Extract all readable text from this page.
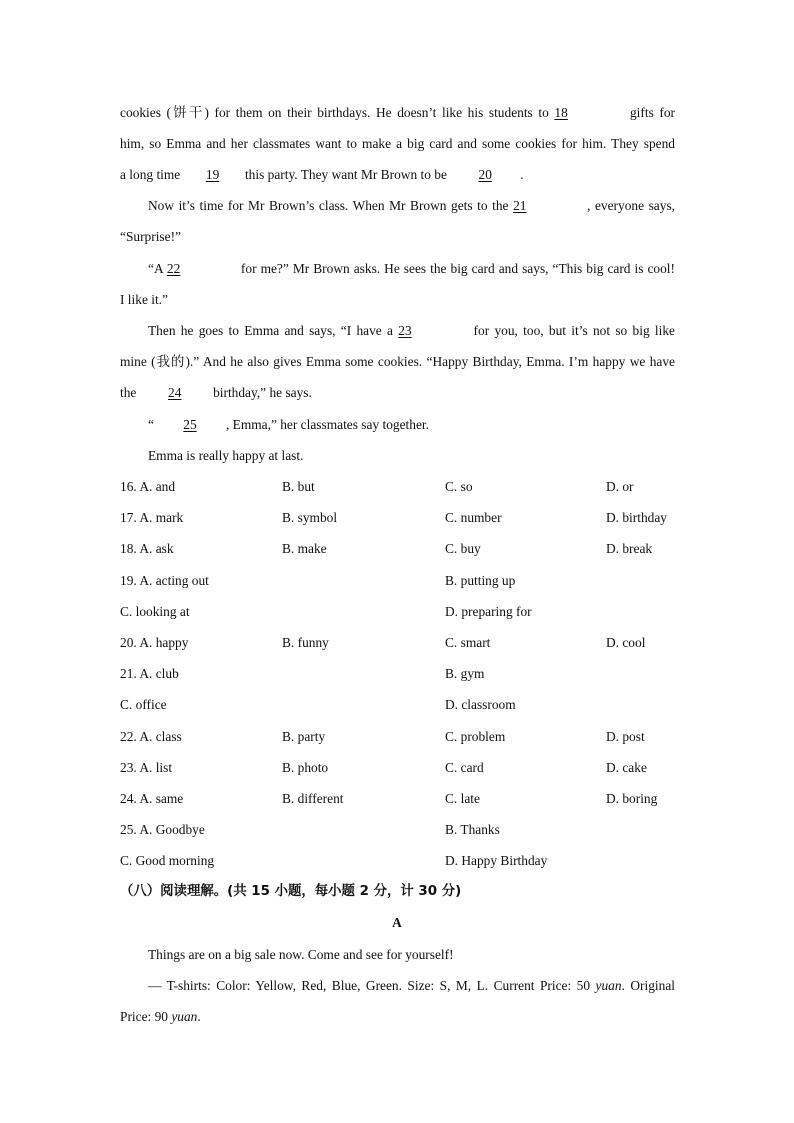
cookies (饼干) for them on their birthdays. He doesn’t like his students to 18	gifts for
him, so Emma and her classmates want to make a big card and some cookies for him. They spend
a long time 19 this party. They want Mr Brown to be 20 .
Now it’s time for Mr Brown’s class. When Mr Brown gets to the 21	, everyone says,
“Surprise!”
“A 22	for me?” Mr Brown asks. He sees the big card and says, “This big card is cool!
I like it.”
Then he goes to Emma and says, “I have a 23	for you, too, but it’s not so big like
mine (我的).” And he also gives Emma some cookies. “Happy Birthday, Emma. I’m happy we have
the 24 birthday,” he says.
“ 25 , Emma,” her classmates say together.
Emma is really happy at last.
16. A. and	B. but	C. so	D. or
17. A. mark	B. symbol	C. number	D. birthday
18. A. ask	B. make	C. buy	D. break
19. A. acting out	B. putting up
C. looking at	D. preparing for
20. A. happy	B. funny	C. smart	D. cool
21. A. club	B. gym
C. office	D. classroom
22. A. class	B. party	C. problem	D. post
23. A. list	B. photo	C. card	D. cake
24. A. same	B. different	C. late	D. boring
25. A. Goodbye	B. Thanks
C. Good morning	D. Happy Birthday
（八）阅读理解。(共 15 小题，每小题 2 分，计 30 分)
A
Things are on a big sale now. Come and see for yourself!
— T-shirts: Color: Yellow, Red, Blue, Green. Size: S, M, L. Current Price: 50 yuan. Original
Price: 90 yuan.
